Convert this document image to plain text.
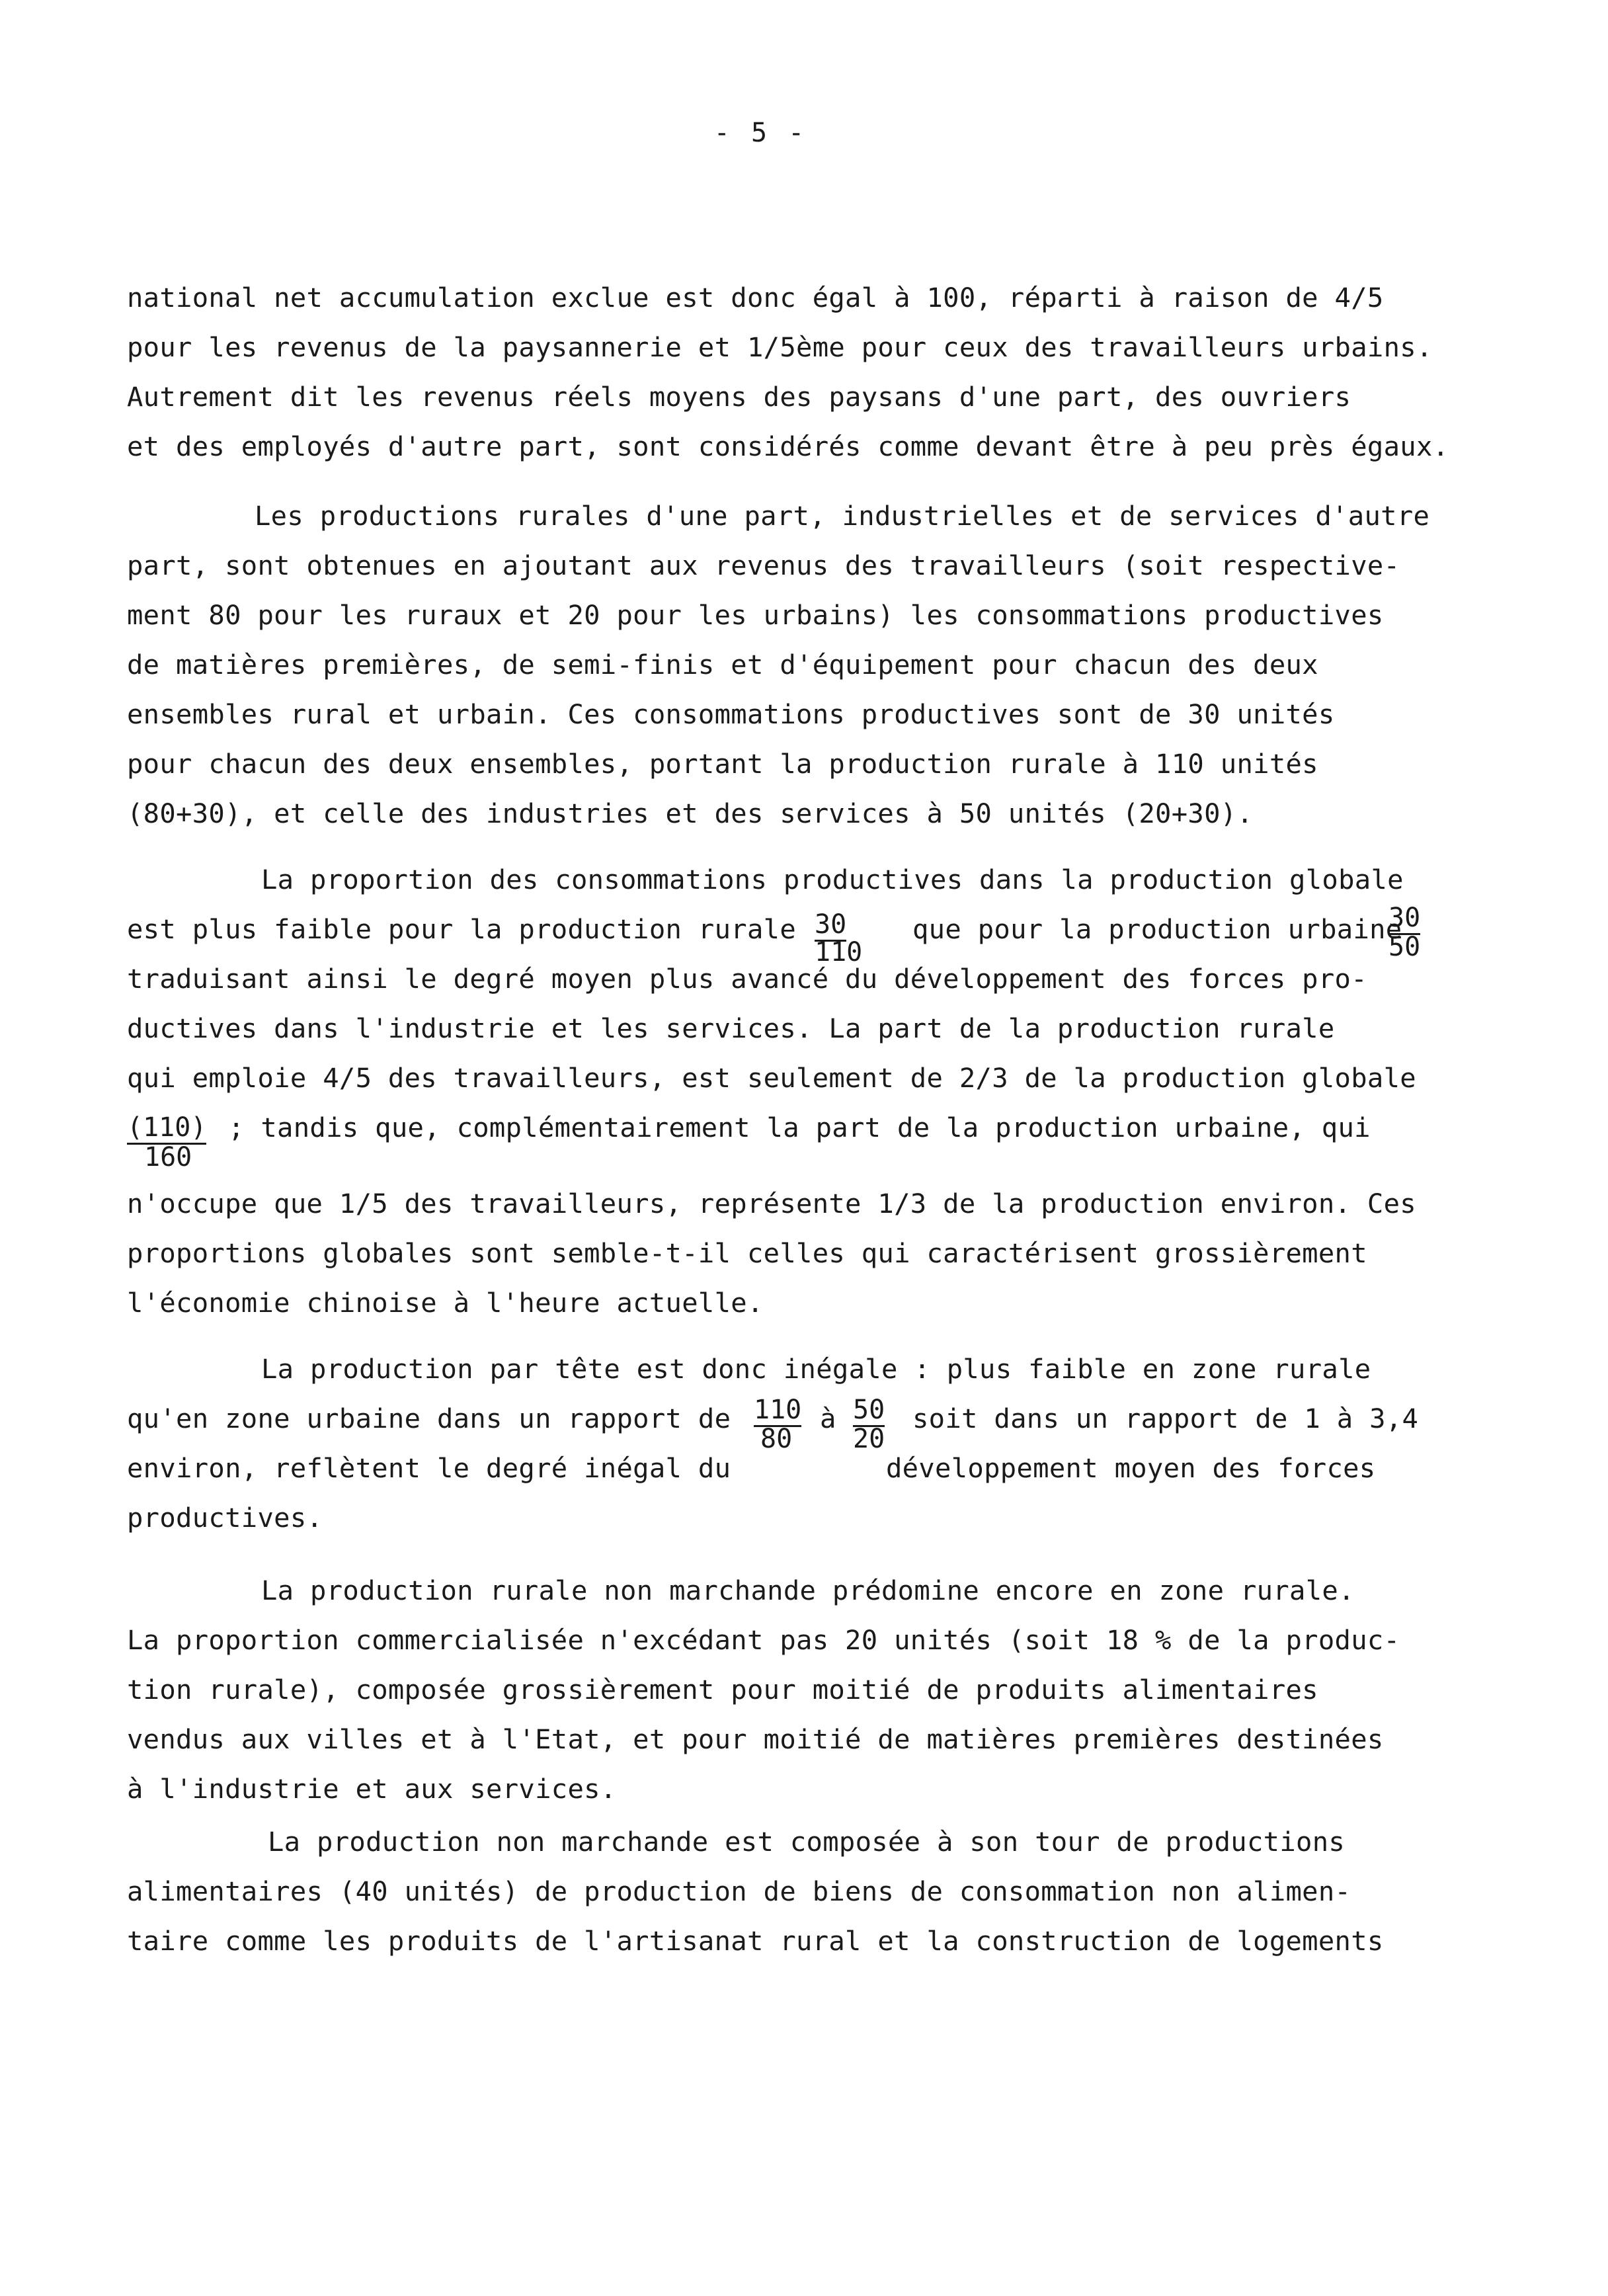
- 5 -
national net accumulation exclue est donc égal à 100, réparti à raison de 4/5
pour les revenus de la paysannerie et 1/5ème pour ceux des travailleurs urbains.
Autrement dit les revenus réels moyens des paysans d'une part, des ouvriers
et des employés d'autre part, sont considérés comme devant être à peu près égaux.
Les productions rurales d'une part, industrielles et de services d'autre
part, sont obtenues en ajoutant aux revenus des travailleurs (soit respective-
ment 80 pour les ruraux et 20 pour les urbains) les consommations productives
de matières premières, de semi-finis et d'équipement pour chacun des deux
ensembles rural et urbain. Ces consommations productives sont de 30 unités
pour chacun des deux ensembles, portant la production rurale à 110 unités
(80+30), et celle des industries et des services à 50 unités (20+30).
La proportion des consommations productives dans la production globale
est plus faible pour la production rurale 30
110
que pour la production urbaine
30
50
traduisant ainsi le degré moyen plus avancé du développement des forces pro-
ductives dans l'industrie et les services. La part de la production rurale
qui emploie 4/5 des travailleurs, est seulement de 2/3 de la production globale
(110)
160
; tandis que, complémentairement la part de la production urbaine, qui
n'occupe que 1/5 des travailleurs, représente 1/3 de la production environ. Ces
proportions globales sont semble-t-il celles qui caractérisent grossièrement
l'économie chinoise à l'heure actuelle.
La production par tête est donc inégale : plus faible en zone rurale
qu'en zone urbaine dans un rapport de 110
80
à 50
20
soit dans un rapport de 1 à 3,4
environ, reflètent le degré inégal du	développement moyen des forces
productives.
La production rurale non marchande prédomine encore en zone rurale.
La proportion commercialisée n'excédant pas 20 unités (soit 18 % de la produc-
tion rurale), composée grossièrement pour moitié de produits alimentaires
vendus aux villes et à l'Etat, et pour moitié de matières premières destinées
à l'industrie et aux services.
La production non marchande est composée à son tour de productions
alimentaires (40 unités) de production de biens de consommation non alimen-
taire comme les produits de l'artisanat rural et la construction de logements
